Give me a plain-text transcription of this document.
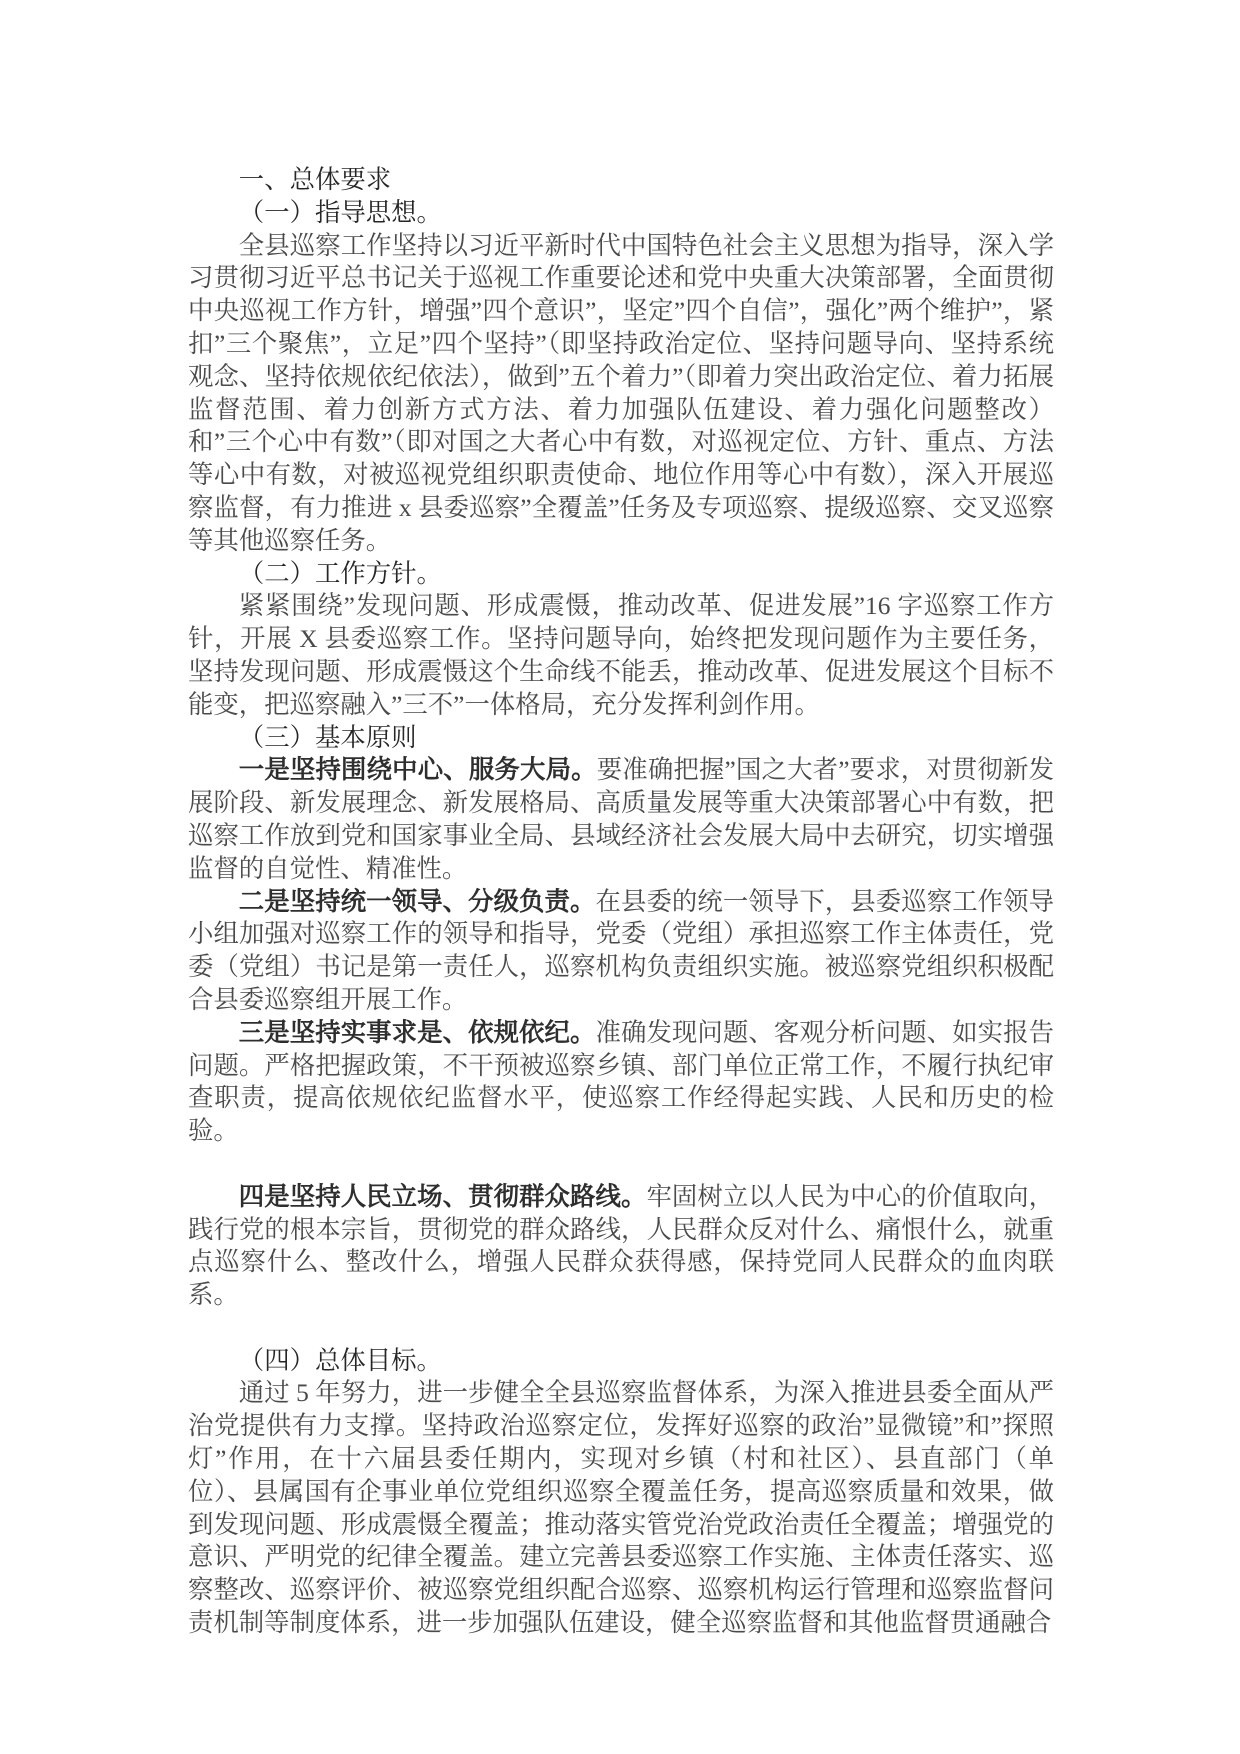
一、总体要求
（一）指导思想。

全县巡察工作坚持以习近平新时代中国特色社会主义思想为指导，深入学习贯彻习近平总书记关于巡视工作重要论述和党中央重大决策部署，全面贯彻中央巡视工作方针，增强”四个意识”，坚定”四个自信”，强化”两个维护”，紧扣”三个聚焦”，立足”四个坚持”（即坚持政治定位、坚持问题导向、坚持系统观念、坚持依规依纪依法），做到”五个着力”（即着力突出政治定位、着力拓展监督范围、着力创新方式方法、着力加强队伍建设、着力强化问题整改）和”三个心中有数”（即对国之大者心中有数，对巡视定位、方针、重点、方法等心中有数，对被巡视党组织职责使命、地位作用等心中有数），深入开展巡察监督，有力推进 x 县委巡察”全覆盖”任务及专项巡察、提级巡察、交叉巡察等其他巡察任务。

（二）工作方针。

紧紧围绕”发现问题、形成震慑，推动改革、促进发展”16 字巡察工作方针，开展 X 县委巡察工作。坚持问题导向，始终把发现问题作为主要任务，坚持发现问题、形成震慑这个生命线不能丢，推动改革、促进发展这个目标不能变，把巡察融入”三不”一体格局，充分发挥利剑作用。

（三）基本原则

一是坚持围绕中心、服务大局。要准确把握”国之大者”要求，对贯彻新发展阶段、新发展理念、新发展格局、高质量发展等重大决策部署心中有数，把巡察工作放到党和国家事业全局、县域经济社会发展大局中去研究，切实增强监督的自觉性、精准性。

二是坚持统一领导、分级负责。在县委的统一领导下，县委巡察工作领导小组加强对巡察工作的领导和指导，党委（党组）承担巡察工作主体责任，党委（党组）书记是第一责任人，巡察机构负责组织实施。被巡察党组织积极配合县委巡察组开展工作。

三是坚持实事求是、依规依纪。准确发现问题、客观分析问题、如实报告问题。严格把握政策，不干预被巡察乡镇、部门单位正常工作，不履行执纪审查职责，提高依规依纪监督水平，使巡察工作经得起实践、人民和历史的检验。

四是坚持人民立场、贯彻群众路线。牢固树立以人民为中心的价值取向，践行党的根本宗旨，贯彻党的群众路线，人民群众反对什么、痛恨什么，就重点巡察什么、整改什么，增强人民群众获得感，保持党同人民群众的血肉联系。

（四）总体目标。

通过 5 年努力，进一步健全全县巡察监督体系，为深入推进县委全面从严治党提供有力支撑。坚持政治巡察定位，发挥好巡察的政治”显微镜”和”探照灯”作用，在十六届县委任期内，实现对乡镇（村和社区）、县直部门（单位）、县属国有企事业单位党组织巡察全覆盖任务，提高巡察质量和效果，做到发现问题、形成震慑全覆盖；推动落实管党治党政治责任全覆盖；增强党的意识、严明党的纪律全覆盖。建立完善县委巡察工作实施、主体责任落实、巡察整改、巡察评价、被巡察党组织配合巡察、巡察机构运行管理和巡察监督问责机制等制度体系，进一步加强队伍建设，健全巡察监督和其他监督贯通融合
